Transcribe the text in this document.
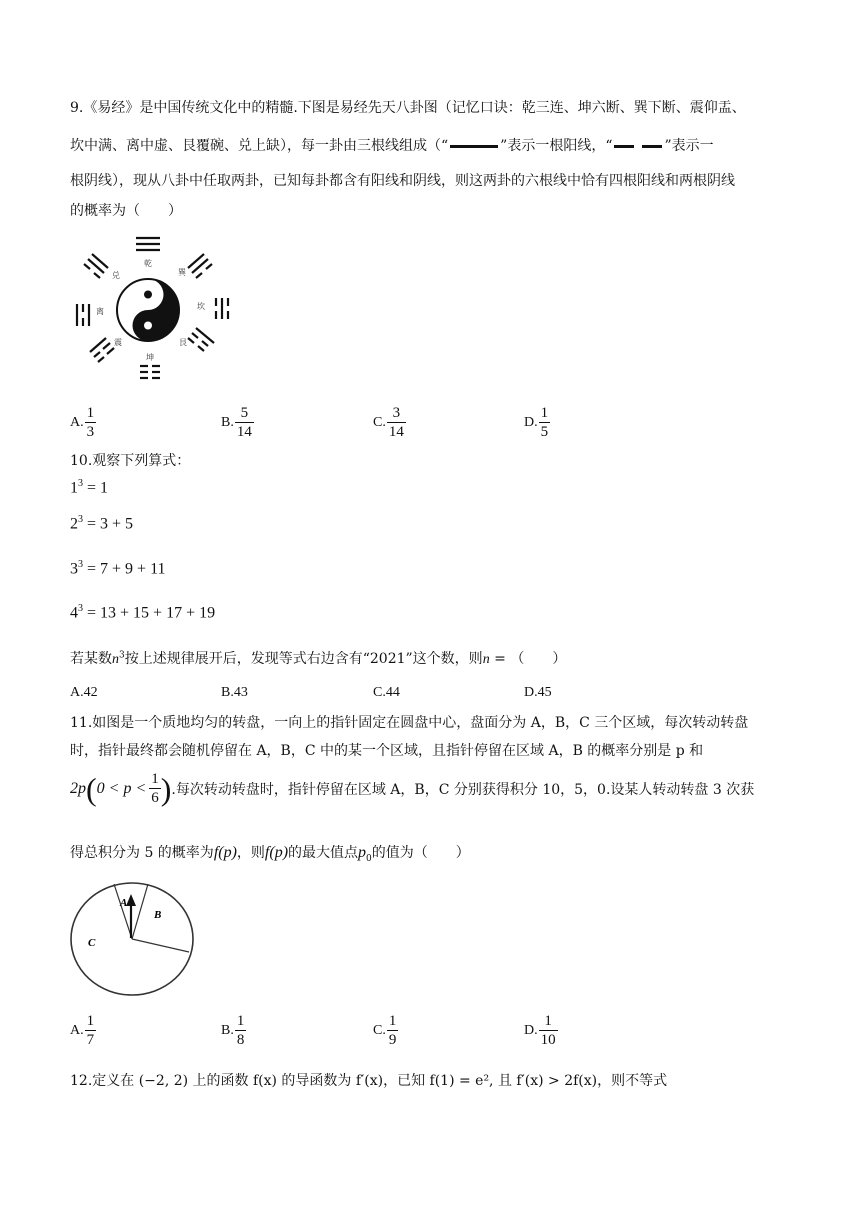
9.《易经》是中国传统文化中的精髓.下图是易经先天八卦图（记忆口诀：乾三连、坤六断、巽下断、震仰盂、
坎中满、离中虚、艮覆碗、兑上缺），每一卦由三根线组成（“	”表示一根阳线，“	”表示一
根阴线），现从八卦中任取两卦，已知每卦都含有阳线和阴线，则这两卦的六根线中恰有四根阳线和两根阴线
的概率为（　　）
乾
巽
坎
艮
坤
震
离
兑
A. $\frac{1}{3}$	B. $\frac{5}{14}$	C. $\frac{3}{14}$	D. $\frac{1}{5}$
10.观察下列算式：
$1^3 = 1$
$2^3 = 3 + 5$
$3^3 = 7 + 9 + 11$
$4^3 = 13 + 15 + 17 + 19$
若某数$n^3$按上述规律展开后，发现等式右边含有“2021”这个数，则n = （　　）
A.42	B.43	C.44	D.45
11.如图是一个质地均匀的转盘，一向上的指针固定在圆盘中心，盘面分为 A，B，C 三个区域，每次转动转盘
时，指针最终都会随机停留在 A，B，C 中的某一个区域，且指针停留在区域 A，B 的概率分别是 p 和
2p ( $0 < p < \frac{1}{6}$ ) .每次转动转盘时，指针停留在区域 A，B，C 分别获得积分 10，5，0.设某人转动转盘 3 次获
得总积分为 5 的概率为f(p)，则f(p)的最大值点$p_0$的值为（　　）
A
B
C
A. $\frac{1}{7}$	B. $\frac{1}{8}$	C. $\frac{1}{9}$	D. $\frac{1}{10}$
12.定义在 (−2, 2) 上的函数 f(x) 的导函数为 f′(x)，已知 f(1) = e², 且 f′(x) > 2f(x)，则不等式
